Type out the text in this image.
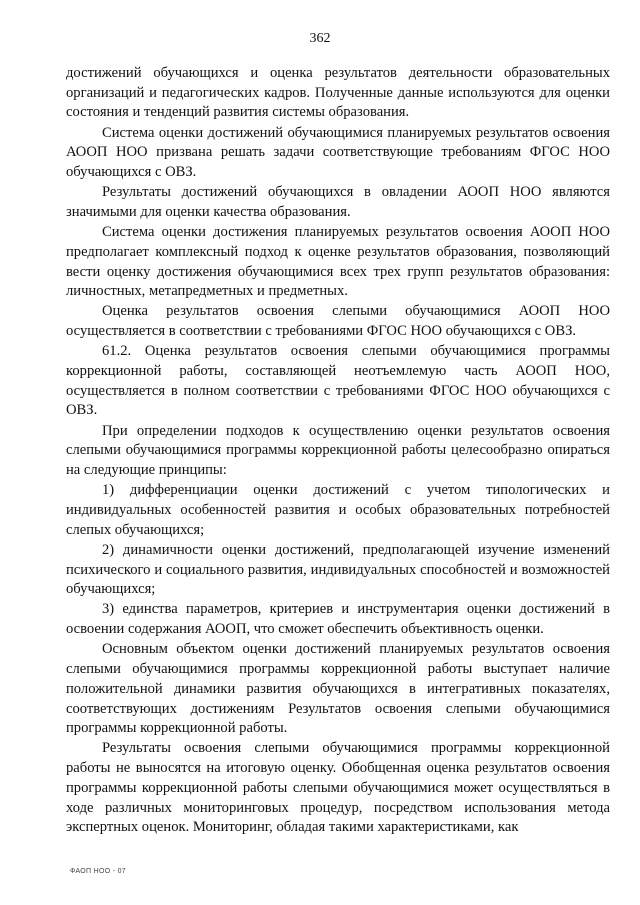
362

достижений обучающихся и оценка результатов деятельности образовательных организаций и педагогических кадров. Полученные данные используются для оценки состояния и тенденций развития системы образования.

Система оценки достижений обучающимися планируемых результатов освоения АООП НОО призвана решать задачи соответствующие требованиям ФГОС НОО обучающихся с ОВЗ.

Результаты достижений обучающихся в овладении АООП НОО являются значимыми для оценки качества образования.

Система оценки достижения планируемых результатов освоения АООП НОО предполагает комплексный подход к оценке результатов образования, позволяющий вести оценку достижения обучающимися всех трех групп результатов образования: личностных, метапредметных и предметных.

Оценка результатов освоения слепыми обучающимися АООП НОО осуществляется в соответствии с требованиями ФГОС НОО обучающихся с ОВЗ.

61.2. Оценка результатов освоения слепыми обучающимися программы коррекционной работы, составляющей неотъемлемую часть АООП НОО, осуществляется в полном соответствии с требованиями ФГОС НОО обучающихся с ОВЗ.

При определении подходов к осуществлению оценки результатов освоения слепыми обучающимися программы коррекционной работы целесообразно опираться на следующие принципы:

1) дифференциации оценки достижений с учетом типологических и индивидуальных особенностей развития и особых образовательных потребностей слепых обучающихся;

2) динамичности оценки достижений, предполагающей изучение изменений психического и социального развития, индивидуальных способностей и возможностей обучающихся;

3) единства параметров, критериев и инструментария оценки достижений в освоении содержания АООП, что сможет обеспечить объективность оценки.

Основным объектом оценки достижений планируемых результатов освоения слепыми обучающимися программы коррекционной работы выступает наличие положительной динамики развития обучающихся в интегративных показателях, соответствующих достижениям Результатов освоения слепыми обучающимися программы коррекционной работы.

Результаты освоения слепыми обучающимися программы коррекционной работы не выносятся на итоговую оценку. Обобщенная оценка результатов освоения программы коррекционной работы слепыми обучающимися может осуществляться в ходе различных мониторинговых процедур, посредством использования метода экспертных оценок. Мониторинг, обладая такими характеристиками, как

ФАОП НОО - 07
